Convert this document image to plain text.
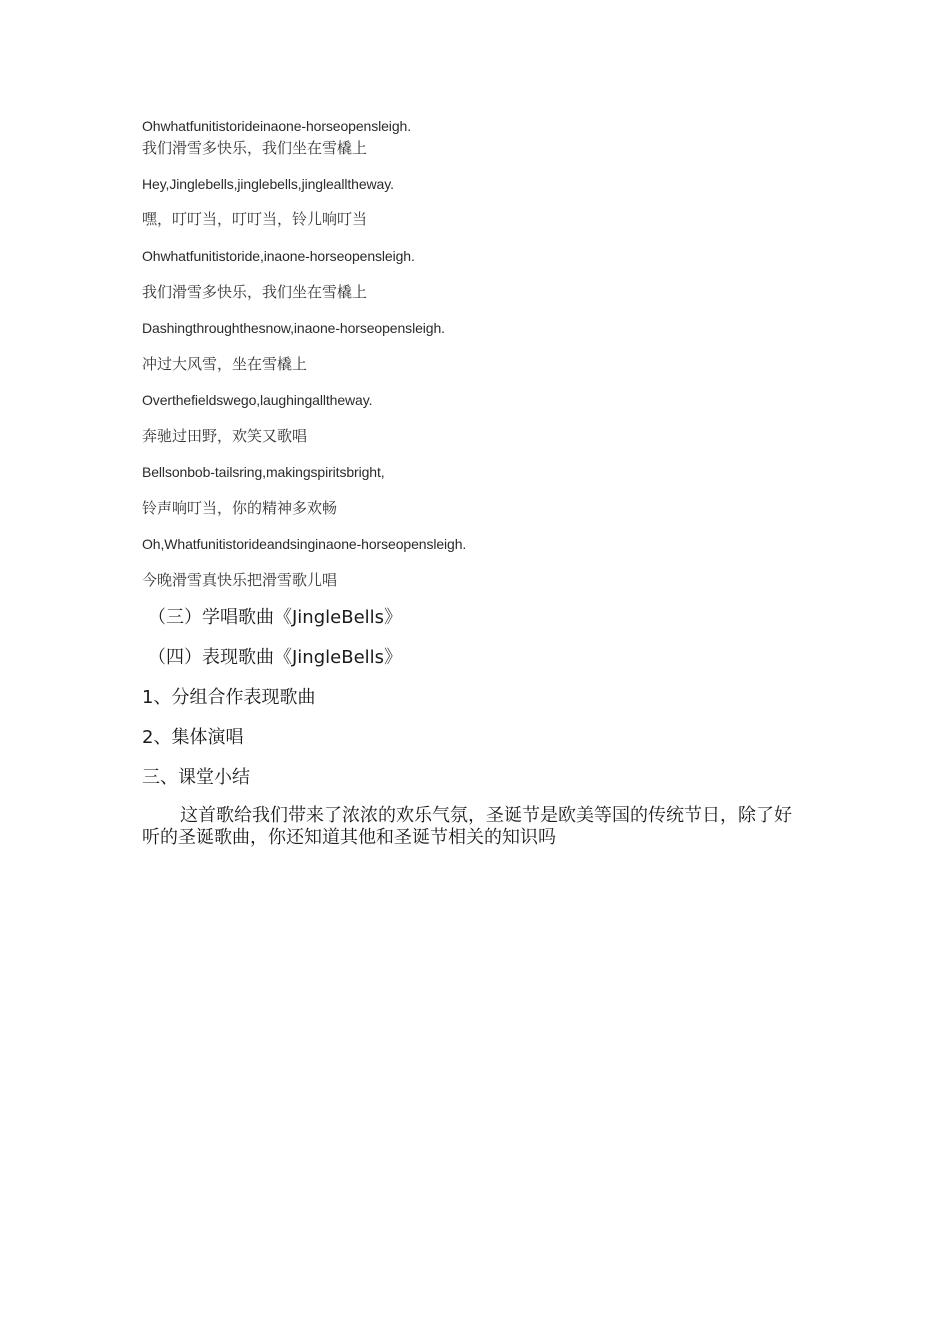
Ohwhatfunitistorideinaone-horseopensleigh.
我们滑雪多快乐，我们坐在雪橇上
Hey,Jinglebells,jinglebells,jinglealltheway.
嘿，叮叮当，叮叮当，铃儿响叮当
Ohwhatfunitistoride,inaone-horseopensleigh.
我们滑雪多快乐，我们坐在雪橇上
Dashingthroughthesnow,inaone-horseopensleigh.
冲过大风雪，坐在雪橇上
Overthefieldswego,laughingalltheway.
奔驰过田野，欢笑又歌唱
Bellsonbob-tailsring,makingspiritsbright,
铃声响叮当，你的精神多欢畅
Oh,Whatfunitistorideandsinginaone-horseopensleigh.
今晚滑雪真快乐把滑雪歌儿唱
（三）学唱歌曲《JingleBells》
（四）表现歌曲《JingleBells》
1、分组合作表现歌曲
2、集体演唱
三、课堂小结
这首歌给我们带来了浓浓的欢乐气氛，圣诞节是欧美等国的传统节日，除了好听的圣诞歌曲，你还知道其他和圣诞节相关的知识吗
